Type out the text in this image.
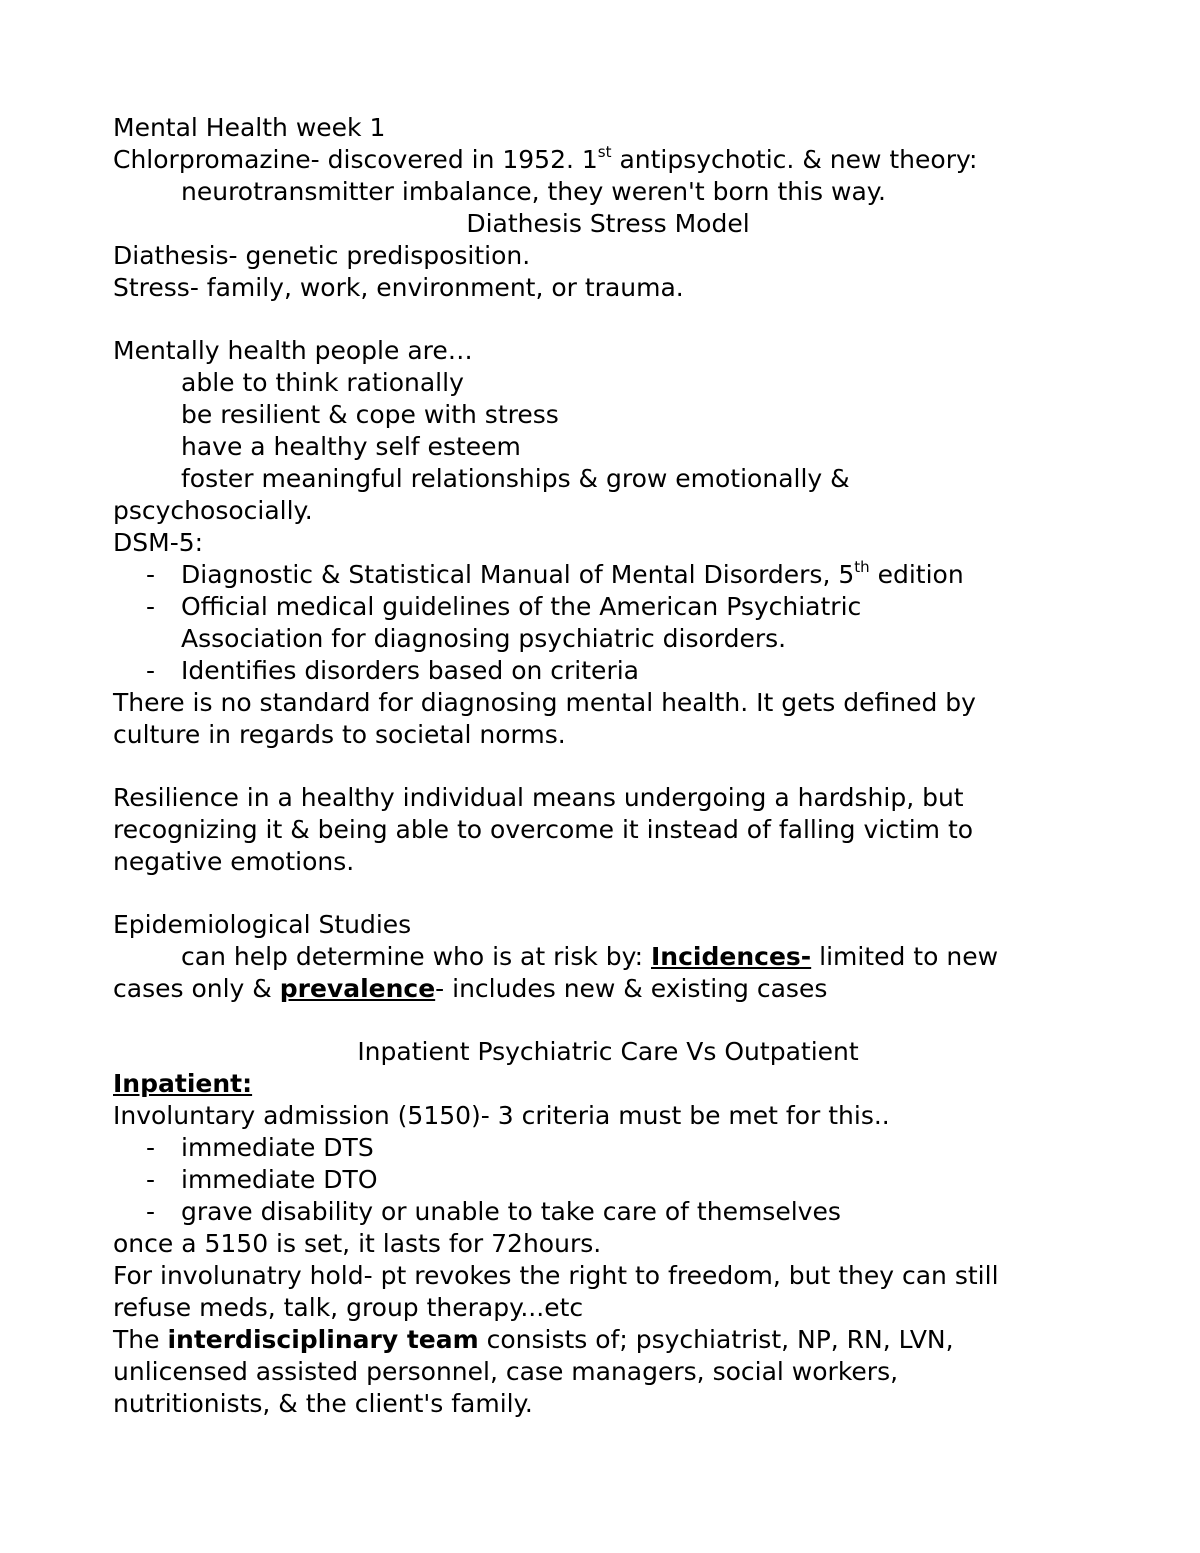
Mental Health week 1
Chlorpromazine- discovered in 1952. 1st antipsychotic. & new theory:
neurotransmitter imbalance, they weren't born this way.
Diathesis Stress Model
Diathesis- genetic predisposition.
Stress- family, work, environment, or trauma.
Mentally health people are…
able to think rationally
be resilient & cope with stress
have a healthy self esteem
foster meaningful relationships & grow emotionally &
pscychosocially.
DSM-5:
- Diagnostic & Statistical Manual of Mental Disorders, 5th edition
- Official medical guidelines of the American Psychiatric
Association for diagnosing psychiatric disorders.
- Identifies disorders based on criteria
There is no standard for diagnosing mental health. It gets defined by
culture in regards to societal norms.
Resilience in a healthy individual means undergoing a hardship, but
recognizing it & being able to overcome it instead of falling victim to
negative emotions.
Epidemiological Studies
can help determine who is at risk by: Incidences- limited to new
cases only & prevalence- includes new & existing cases
Inpatient Psychiatric Care Vs Outpatient
Inpatient:
Involuntary admission (5150)- 3 criteria must be met for this..
- immediate DTS
- immediate DTO
- grave disability or unable to take care of themselves
once a 5150 is set, it lasts for 72hours.
For involunatry hold- pt revokes the right to freedom, but they can still
refuse meds, talk, group therapy...etc
The interdisciplinary team consists of; psychiatrist, NP, RN, LVN,
unlicensed assisted personnel, case managers, social workers,
nutritionists, & the client's family.
